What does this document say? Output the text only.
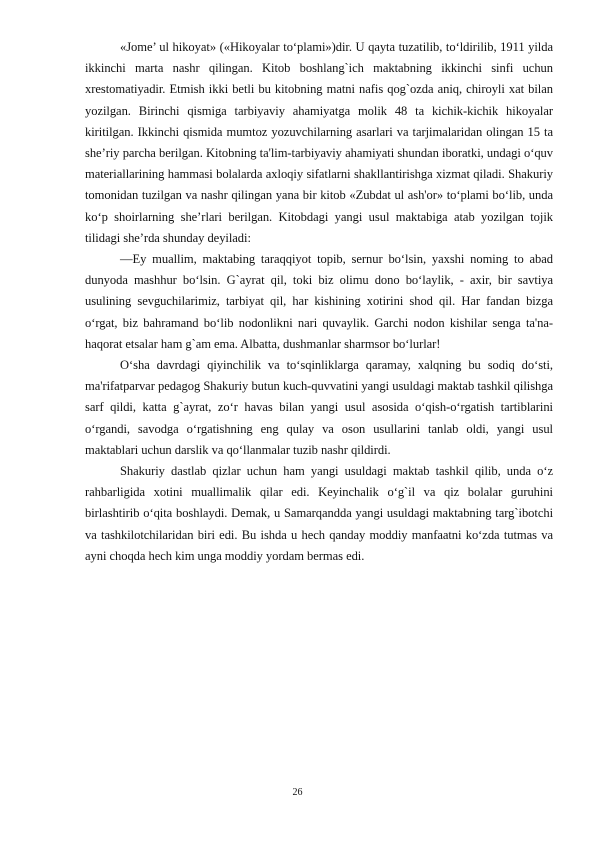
«Jome’ ul hikoyat» («Hikoyalar to‘plami»)dir. U qayta tuzatilib, to‘ldirilib, 1911 yilda ikkinchi marta nashr qilingan. Kitob boshlang`ich maktabning ikkinchi sinfi uchun xrestomatiyadir. Etmish ikki betli bu kitobning matni nafis qog`ozda aniq, chiroyli xat bilan yozilgan. Birinchi qismiga tarbiyaviy ahamiyatga molik 48 ta kichik-kichik hikoyalar kiritilgan. Ikkinchi qismida mumtoz yozuvchilarning asarlari va tarjimalaridan olingan 15 ta she’riy parcha berilgan. Kitobning ta'lim-tarbiyaviy ahamiyati shundan iboratki, undagi o‘quv materiallarining hammasi bolalarda axloqiy sifatlarni shakllantirishga xizmat qiladi. Shakuriy tomonidan tuzilgan va nashr qilingan yana bir kitob «Zubdat ul ash'or» to‘plami bo‘lib, unda ko‘p shoirlarning she’rlari berilgan. Kitobdagi yangi usul maktabiga atab yozilgan tojik tilidagi she’rda shunday deyiladi:

—Ey muallim, maktabing taraqqiyot topib, sernur bo‘lsin, yaxshi noming to abad dunyoda mashhur bo‘lsin. G`ayrat qil, toki biz olimu dono bo‘laylik, - axir, bir savtiya usulining sevguchilarimiz, tarbiyat qil, har kishining xotirini shod qil. Har fandan bizga o‘rgat, biz bahramand bo‘lib nodonlikni nari quvaylik. Garchi nodon kishilar senga ta'na-haqorat etsalar ham g`am ema. Albatta, dushmanlar sharmsor bo‘lurlar!

O‘sha davrdagi qiyinchilik va to‘sqinliklarga qaramay, xalqning bu sodiq do‘sti, ma'rifatparvar pedagog Shakuriy butun kuch-quvvatini yangi usuldagi maktab tashkil qilishga sarf qildi, katta g`ayrat, zo‘r havas bilan yangi usul asosida o‘qish-o‘rgatish tartiblarini o‘rgandi, savodga o‘rgatishning eng qulay va oson usullarini tanlab oldi, yangi usul maktablari uchun darslik va qo‘llanmalar tuzib nashr qildirdi.

Shakuriy dastlab qizlar uchun ham yangi usuldagi maktab tashkil qilib, unda o‘z rahbarligida xotini muallimalik qilar edi. Keyinchalik o‘g`il va qiz bolalar guruhini birlashtirib o‘qita boshlaydi. Demak, u Samarqandda yangi usuldagi maktabning targ`ibotchi va tashkilotchilaridan biri edi. Bu ishda u hech qanday moddiy manfaatni ko‘zda tutmas va ayni choqda hech kim unga moddiy yordam bermas edi.

26
